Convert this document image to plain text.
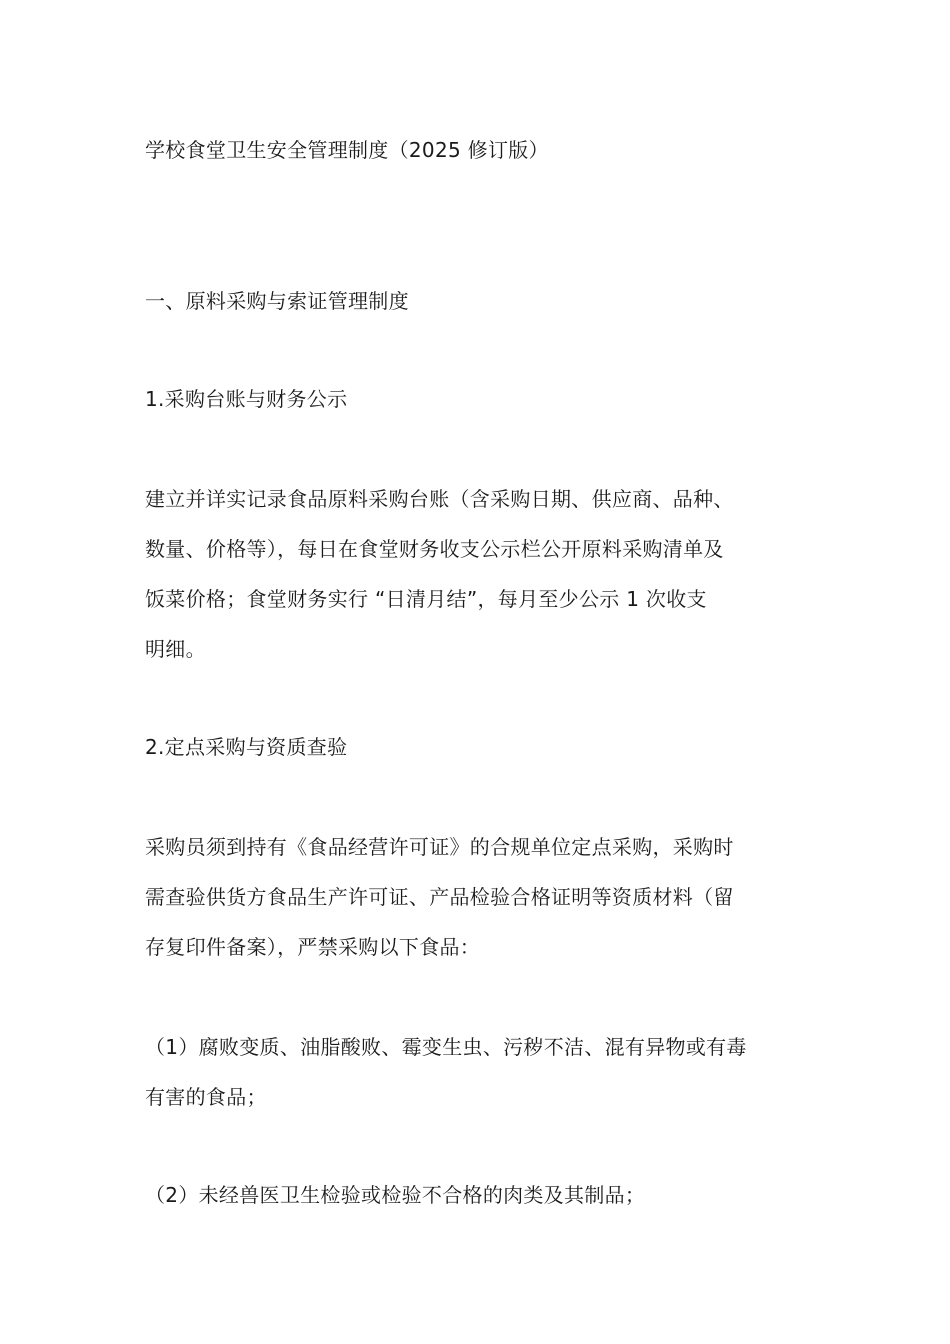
学校食堂卫生安全管理制度（2025 修订版）
一、原料采购与索证管理制度
1.采购台账与财务公示
建立并详实记录食品原料采购台账（含采购日期、供应商、品种、
数量、价格等），每日在食堂财务收支公示栏公开原料采购清单及
饭菜价格；食堂财务实行 “日清月结”，每月至少公示 1 次收支
明细。
2.定点采购与资质查验
采购员须到持有《食品经营许可证》的合规单位定点采购，采购时
需查验供货方食品生产许可证、产品检验合格证明等资质材料（留
存复印件备案），严禁采购以下食品：
（1）腐败变质、油脂酸败、霉变生虫、污秽不洁、混有异物或有毒
有害的食品；
（2）未经兽医卫生检验或检验不合格的肉类及其制品；
